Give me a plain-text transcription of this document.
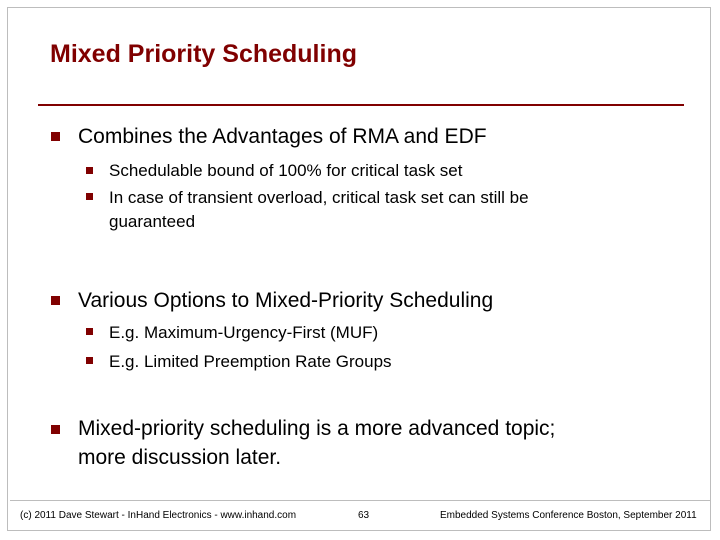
Mixed Priority Scheduling
Combines the Advantages of RMA and EDF
Schedulable bound of 100% for critical task set
In case of transient overload, critical task set can still be
guaranteed
Various Options to Mixed-Priority Scheduling
E.g. Maximum-Urgency-First (MUF)
E.g. Limited Preemption Rate Groups
Mixed-priority scheduling is a more advanced topic;
more discussion later.
(c) 2011 Dave Stewart - InHand Electronics - www.inhand.com	63	Embedded Systems Conference Boston, September 2011
